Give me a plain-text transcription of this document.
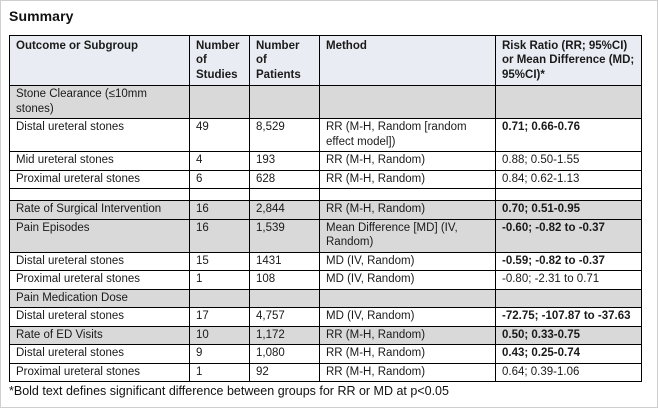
Summary
Outcome or Subgroup	Number of Studies	Number of Patients	Method	Risk Ratio (RR; 95%CI) or Mean Difference (MD; 95%CI)*
Stone Clearance (≤10mm stones)				
Distal ureteral stones	49	8,529	RR (M-H, Random [random effect model])	0.71; 0.66-0.76
Mid ureteral stones	4	193	RR (M-H, Random)	0.88; 0.50-1.55
Proximal ureteral stones	6	628	RR (M-H, Random)	0.84; 0.62-1.13

Rate of Surgical Intervention	16	2,844	RR (M-H, Random)	0.70; 0.51-0.95
Pain Episodes	16	1,539	Mean Difference [MD] (IV, Random)	-0.60; -0.82 to -0.37
Distal ureteral stones	15	1431	MD (IV, Random)	-0.59; -0.82 to -0.37
Proximal ureteral stones	1	108	MD (IV, Random)	-0.80; -2.31 to 0.71
Pain Medication Dose				
Distal ureteral stones	17	4,757	MD (IV, Random)	-72.75; -107.87 to -37.63
Rate of ED Visits	10	1,172	RR (M-H, Random)	0.50; 0.33-0.75
Distal ureteral stones	9	1,080	RR (M-H, Random)	0.43; 0.25-0.74
Proximal ureteral stones	1	92	RR (M-H, Random)	0.64; 0.39-1.06

*Bold text defines significant difference between groups for RR or MD at p<0.05
